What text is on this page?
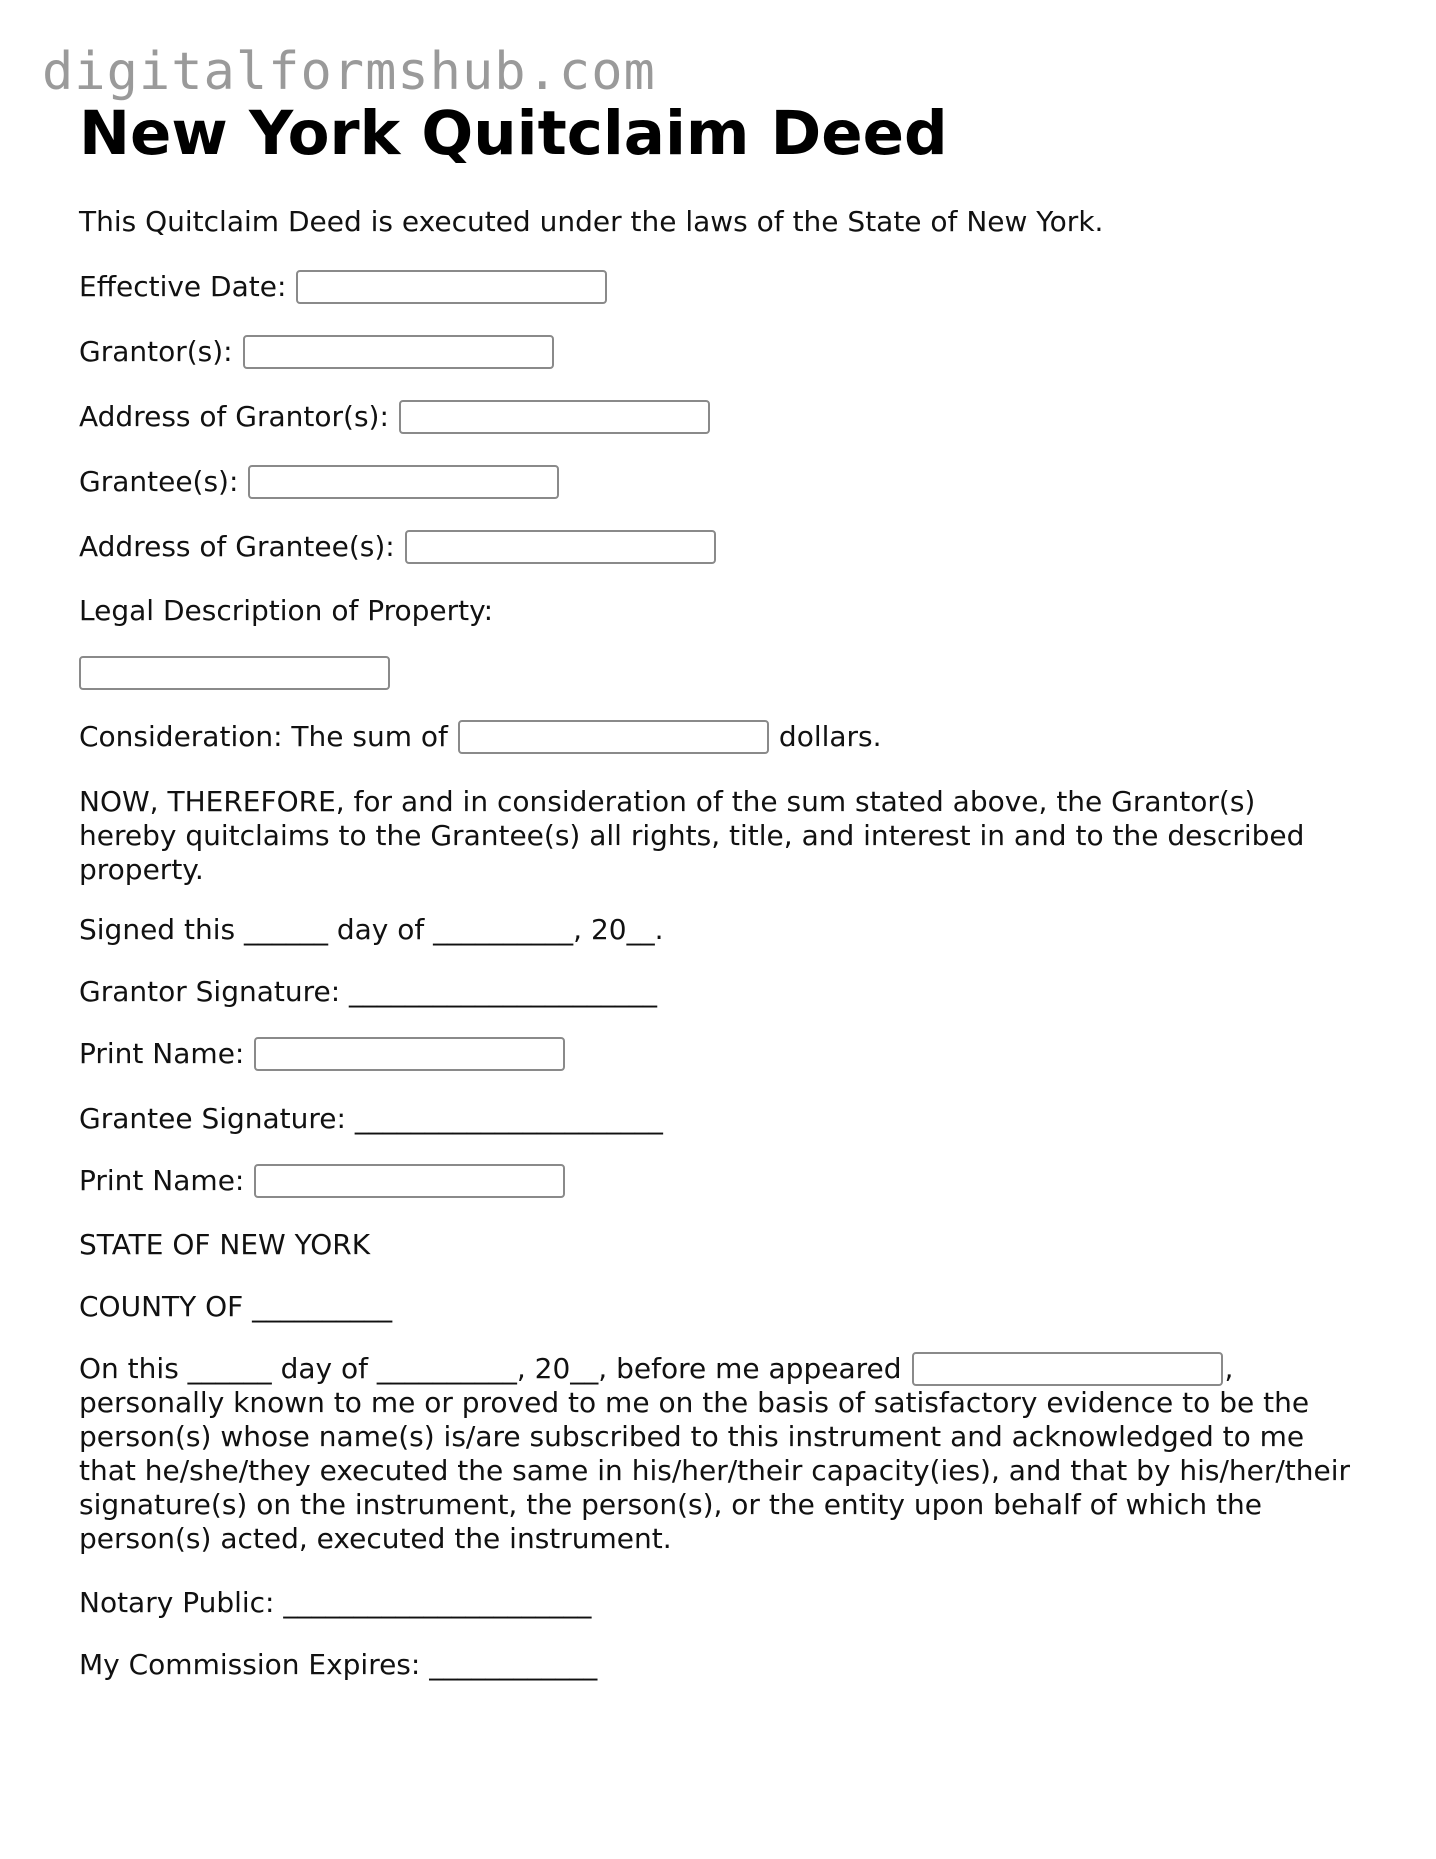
digitalformshub.com
New York Quitclaim Deed
This Quitclaim Deed is executed under the laws of the State of New York.
Effective Date:
Grantor(s):
Address of Grantor(s):
Grantee(s):
Address of Grantee(s):
Legal Description of Property:
Consideration: The sum of	dollars.
NOW, THEREFORE, for and in consideration of the sum stated above, the Grantor(s) hereby quitclaims to the Grantee(s) all rights, title, and interest in and to the described property.
Signed this ______ day of __________, 20__.
Grantor Signature: ______________________
Print Name:
Grantee Signature: ______________________
Print Name:
STATE OF NEW YORK
COUNTY OF __________
On this ______ day of __________, 20__, before me appeared	,
personally known to me or proved to me on the basis of satisfactory evidence to be the person(s) whose name(s) is/are subscribed to this instrument and acknowledged to me that he/she/they executed the same in his/her/their capacity(ies), and that by his/her/their signature(s) on the instrument, the person(s), or the entity upon behalf of which the person(s) acted, executed the instrument.
Notary Public: ______________________
My Commission Expires: ____________
